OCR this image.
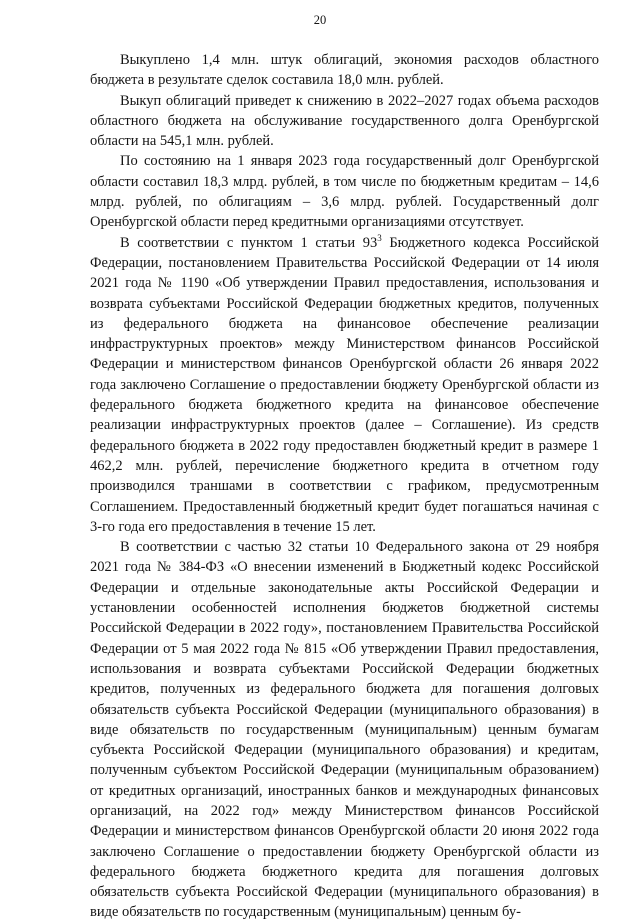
20

Выкуплено 1,4 млн. штук облигаций, экономия расходов областного бюджета в результате сделок составила 18,0 млн. рублей.

Выкуп облигаций приведет к снижению в 2022–2027 годах объема расходов областного бюджета на обслуживание государственного долга Оренбургской области на 545,1 млн. рублей.

По состоянию на 1 января 2023 года государственный долг Оренбургской области составил 18,3 млрд. рублей, в том числе по бюджетным кредитам – 14,6 млрд. рублей, по облигациям – 3,6 млрд. рублей. Государственный долг Оренбургской области перед кредитными организациями отсутствует.

В соответствии с пунктом 1 статьи $93^3$ Бюджетного кодекса Российской Федерации, постановлением Правительства Российской Федерации от 14 июля 2021 года № 1190 «Об утверждении Правил предоставления, использования и возврата субъектами Российской Федерации бюджетных кредитов, полученных из федерального бюджета на финансовое обеспечение реализации инфраструктурных проектов» между Министерством финансов Российской Федерации и министерством финансов Оренбургской области 26 января 2022 года заключено Соглашение о предоставлении бюджету Оренбургской области из федерального бюджета бюджетного кредита на финансовое обеспечение реализации инфраструктурных проектов (далее – Соглашение). Из средств федерального бюджета в 2022 году предоставлен бюджетный кредит в размере 1 462,2 млн. рублей, перечисление бюджетного кредита в отчетном году производился траншами в соответствии с графиком, предусмотренным Соглашением. Предоставленный бюджетный кредит будет погашаться начиная с 3-го года его предоставления в течение 15 лет.

В соответствии с частью 32 статьи 10 Федерального закона от 29 ноября 2021 года № 384-ФЗ «О внесении изменений в Бюджетный кодекс Российской Федерации и отдельные законодательные акты Российской Федерации и установлении особенностей исполнения бюджетов бюджетной системы Российской Федерации в 2022 году», постановлением Правительства Российской Федерации от 5 мая 2022 года № 815 «Об утверждении Правил предоставления, использования и возврата субъектами Российской Федерации бюджетных кредитов, полученных из федерального бюджета для погашения долговых обязательств субъекта Российской Федерации (муниципального образования) в виде обязательств по государственным (муниципальным) ценным бумагам субъекта Российской Федерации (муниципального образования) и кредитам, полученным субъектом Российской Федерации (муниципальным образованием) от кредитных организаций, иностранных банков и международных финансовых организаций, на 2022 год» между Министерством финансов Российской Федерации и министерством финансов Оренбургской области 20 июня 2022 года заключено Соглашение о предоставлении бюджету Оренбургской области из федерального бюджета бюджетного кредита для погашения долговых обязательств субъекта Российской Федерации (муниципального образования) в виде обязательств по государственным (муниципальным) ценным бу-
